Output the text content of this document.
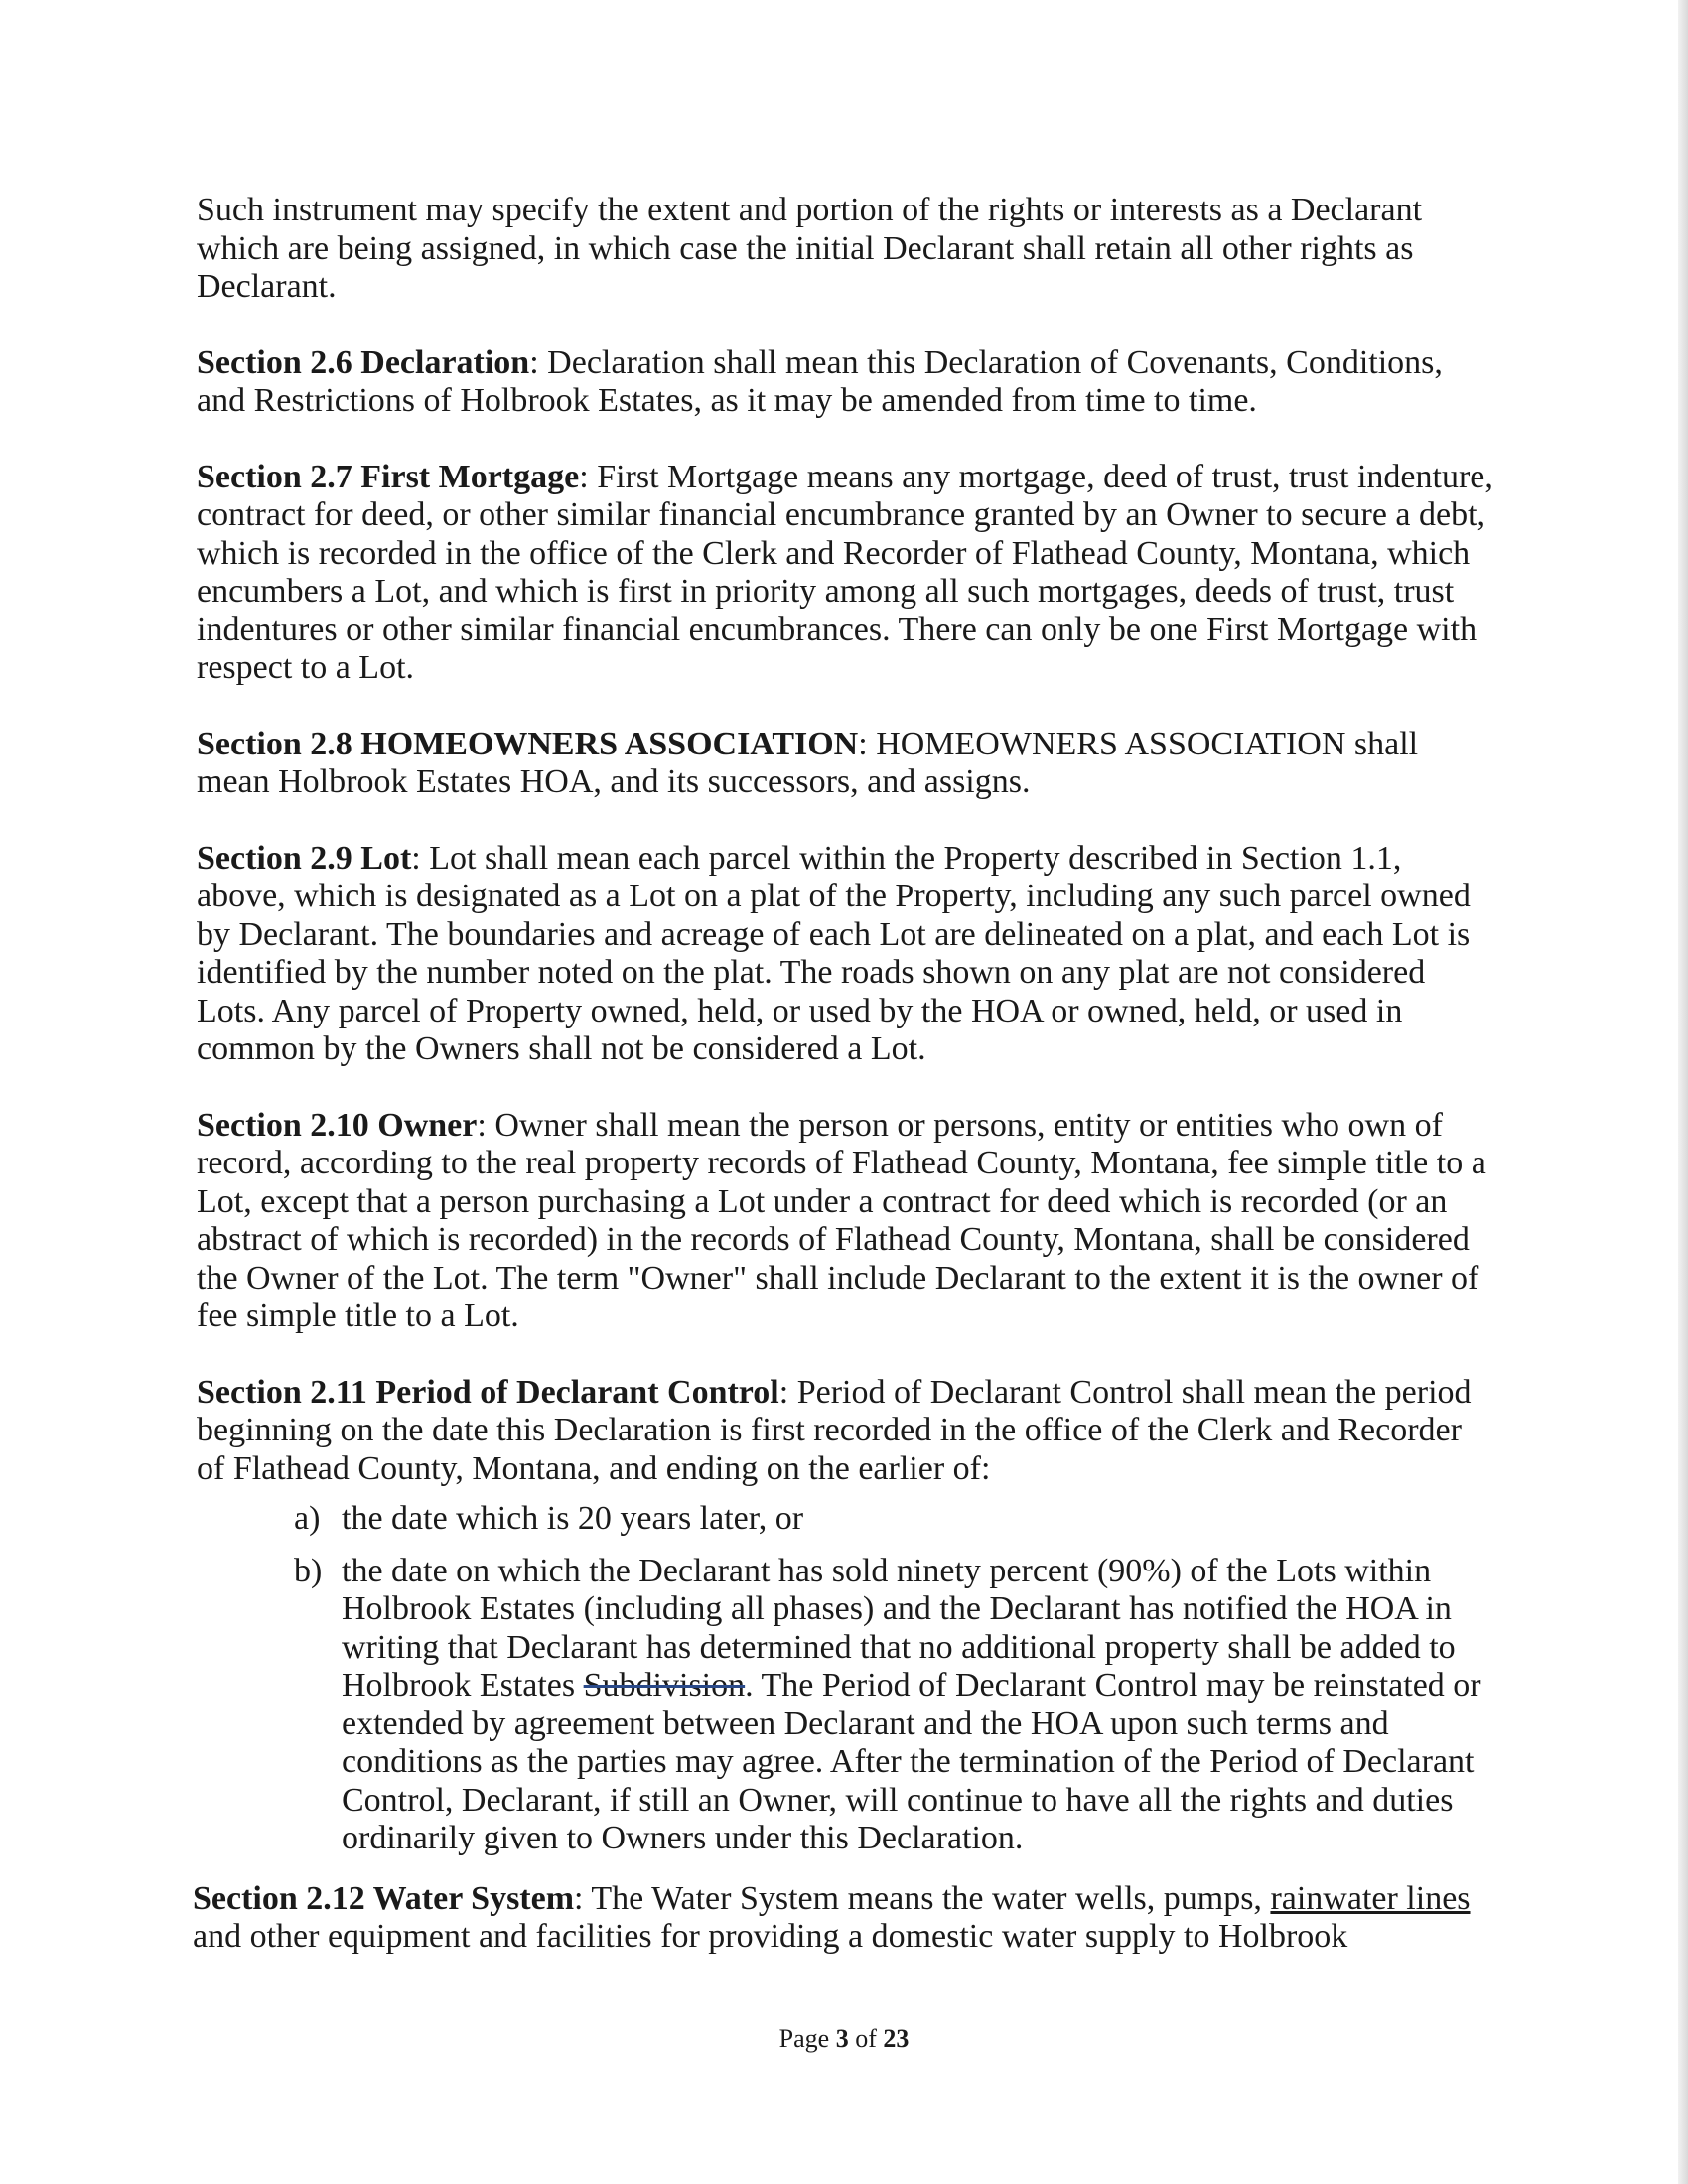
Such instrument may specify the extent and portion of the rights or interests as a Declarant which are being assigned, in which case the initial Declarant shall retain all other rights as Declarant.

Section 2.6 Declaration: Declaration shall mean this Declaration of Covenants, Conditions, and Restrictions of Holbrook Estates, as it may be amended from time to time.

Section 2.7 First Mortgage: First Mortgage means any mortgage, deed of trust, trust indenture, contract for deed, or other similar financial encumbrance granted by an Owner to secure a debt, which is recorded in the office of the Clerk and Recorder of Flathead County, Montana, which encumbers a Lot, and which is first in priority among all such mortgages, deeds of trust, trust indentures or other similar financial encumbrances. There can only be one First Mortgage with respect to a Lot.

Section 2.8 HOMEOWNERS ASSOCIATION: HOMEOWNERS ASSOCIATION shall mean Holbrook Estates HOA, and its successors, and assigns.

Section 2.9 Lot: Lot shall mean each parcel within the Property described in Section 1.1, above, which is designated as a Lot on a plat of the Property, including any such parcel owned by Declarant. The boundaries and acreage of each Lot are delineated on a plat, and each Lot is identified by the number noted on the plat. The roads shown on any plat are not considered Lots. Any parcel of Property owned, held, or used by the HOA or owned, held, or used in common by the Owners shall not be considered a Lot.

Section 2.10 Owner: Owner shall mean the person or persons, entity or entities who own of record, according to the real property records of Flathead County, Montana, fee simple title to a Lot, except that a person purchasing a Lot under a contract for deed which is recorded (or an abstract of which is recorded) in the records of Flathead County, Montana, shall be considered the Owner of the Lot. The term "Owner" shall include Declarant to the extent it is the owner of fee simple title to a Lot.

Section 2.11 Period of Declarant Control: Period of Declarant Control shall mean the period beginning on the date this Declaration is first recorded in the office of the Clerk and Recorder of Flathead County, Montana, and ending on the earlier of:

a) the date which is 20 years later, or
b) the date on which the Declarant has sold ninety percent (90%) of the Lots within Holbrook Estates (including all phases) and the Declarant has notified the HOA in writing that Declarant has determined that no additional property shall be added to Holbrook Estates Subdivision. The Period of Declarant Control may be reinstated or extended by agreement between Declarant and the HOA upon such terms and conditions as the parties may agree. After the termination of the Period of Declarant Control, Declarant, if still an Owner, will continue to have all the rights and duties ordinarily given to Owners under this Declaration.

Section 2.12 Water System: The Water System means the water wells, pumps, rainwater lines and other equipment and facilities for providing a domestic water supply to Holbrook

Page 3 of 23
